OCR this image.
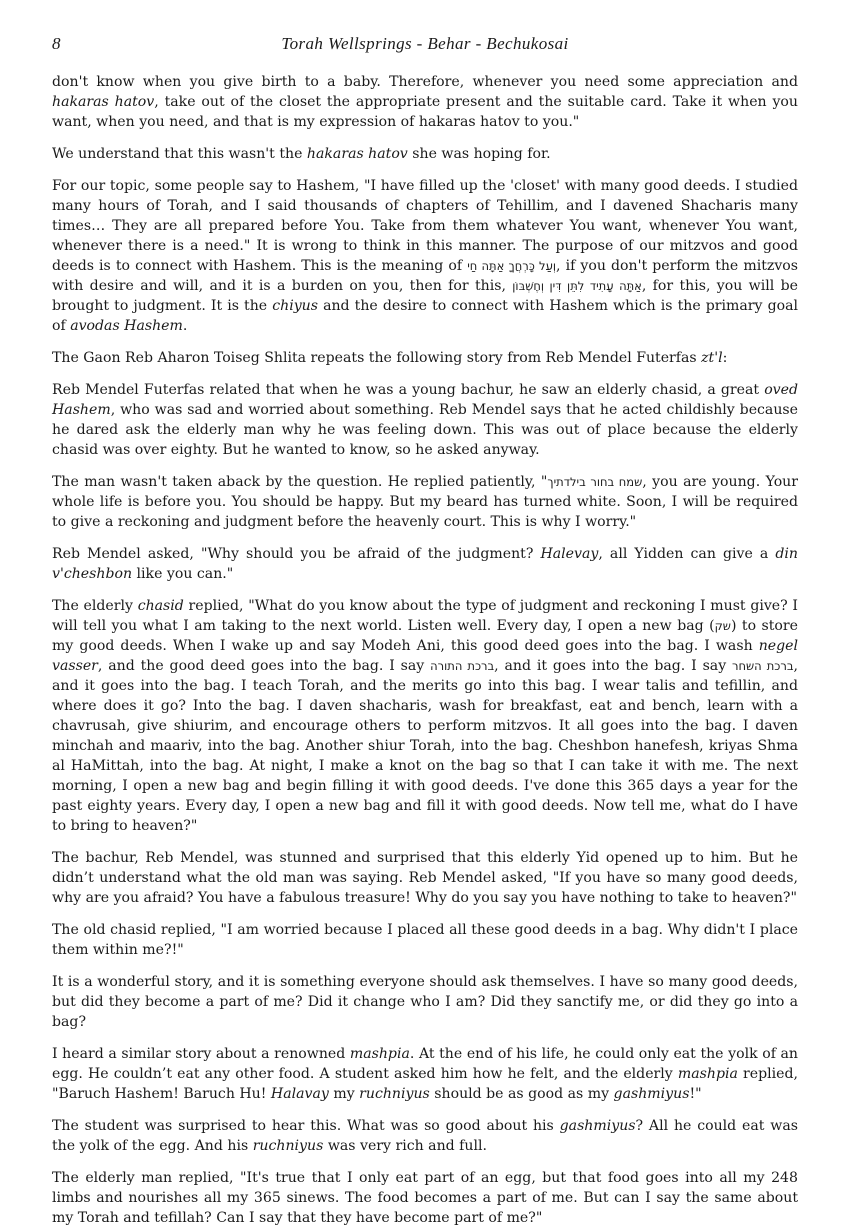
8	Torah Wellsprings - Behar - Bechukosai

don't know when you give birth to a baby. Therefore, whenever you need some appreciation and hakaras hatov, take out of the closet the appropriate present and the suitable card. Take it when you want, when you need, and that is my expression of hakaras hatov to you."

We understand that this wasn't the hakaras hatov she was hoping for.

For our topic, some people say to Hashem, "I have filled up the 'closet' with many good deeds. I studied many hours of Torah, and I said thousands of chapters of Tehillim, and I davened Shacharis many times… They are all prepared before You. Take from them whatever You want, whenever You want, whenever there is a need." It is wrong to think in this manner. The purpose of our mitzvos and good deeds is to connect with Hashem. This is the meaning of וְעַל כָּרְחֲךָ אַתָּה חַי, if you don't perform the mitzvos with desire and will, and it is a burden on you, then for this, אַתָּה עָתִיד לִתֵּן דִּין וְחֶשְׁבּוֹן, for this, you will be brought to judgment. It is the chiyus and the desire to connect with Hashem which is the primary goal of avodas Hashem.

The Gaon Reb Aharon Toiseg Shlita repeats the following story from Reb Mendel Futerfas zt'l:

Reb Mendel Futerfas related that when he was a young bachur, he saw an elderly chasid, a great oved Hashem, who was sad and worried about something. Reb Mendel says that he acted childishly because he dared ask the elderly man why he was feeling down. This was out of place because the elderly chasid was over eighty. But he wanted to know, so he asked anyway.

The man wasn't taken aback by the question. He replied patiently, "שמח בחור בילדתיך, you are young. Your whole life is before you. You should be happy. But my beard has turned white. Soon, I will be required to give a reckoning and judgment before the heavenly court. This is why I worry."

Reb Mendel asked, "Why should you be afraid of the judgment? Halevay, all Yidden can give a din v'cheshbon like you can."

The elderly chasid replied, "What do you know about the type of judgment and reckoning I must give? I will tell you what I am taking to the next world. Listen well. Every day, I open a new bag (שק) to store my good deeds. When I wake up and say Modeh Ani, this good deed goes into the bag. I wash negel vasser, and the good deed goes into the bag. I say ברכת התורה, and it goes into the bag. I say ברכת השחר, and it goes into the bag. I teach Torah, and the merits go into this bag. I wear talis and tefillin, and where does it go? Into the bag. I daven shacharis, wash for breakfast, eat and bench, learn with a chavrusah, give shiurim, and encourage others to perform mitzvos. It all goes into the bag. I daven minchah and maariv, into the bag. Another shiur Torah, into the bag. Cheshbon hanefesh, kriyas Shma al HaMittah, into the bag. At night, I make a knot on the bag so that I can take it with me. The next morning, I open a new bag and begin filling it with good deeds. I've done this 365 days a year for the past eighty years. Every day, I open a new bag and fill it with good deeds. Now tell me, what do I have to bring to heaven?"

The bachur, Reb Mendel, was stunned and surprised that this elderly Yid opened up to him. But he didn’t understand what the old man was saying. Reb Mendel asked, "If you have so many good deeds, why are you afraid? You have a fabulous treasure! Why do you say you have nothing to take to heaven?"

The old chasid replied, "I am worried because I placed all these good deeds in a bag. Why didn't I place them within me?!"

It is a wonderful story, and it is something everyone should ask themselves. I have so many good deeds, but did they become a part of me? Did it change who I am? Did they sanctify me, or did they go into a bag?

I heard a similar story about a renowned mashpia. At the end of his life, he could only eat the yolk of an egg. He couldn’t eat any other food. A student asked him how he felt, and the elderly mashpia replied, "Baruch Hashem! Baruch Hu! Halavay my ruchniyus should be as good as my gashmiyus!"

The student was surprised to hear this. What was so good about his gashmiyus? All he could eat was the yolk of the egg. And his ruchniyus was very rich and full.

The elderly man replied, "It's true that I only eat part of an egg, but that food goes into all my 248 limbs and nourishes all my 365 sinews. The food becomes a part of me. But can I say the same about my Torah and tefillah? Can I say that they have become part of me?"
